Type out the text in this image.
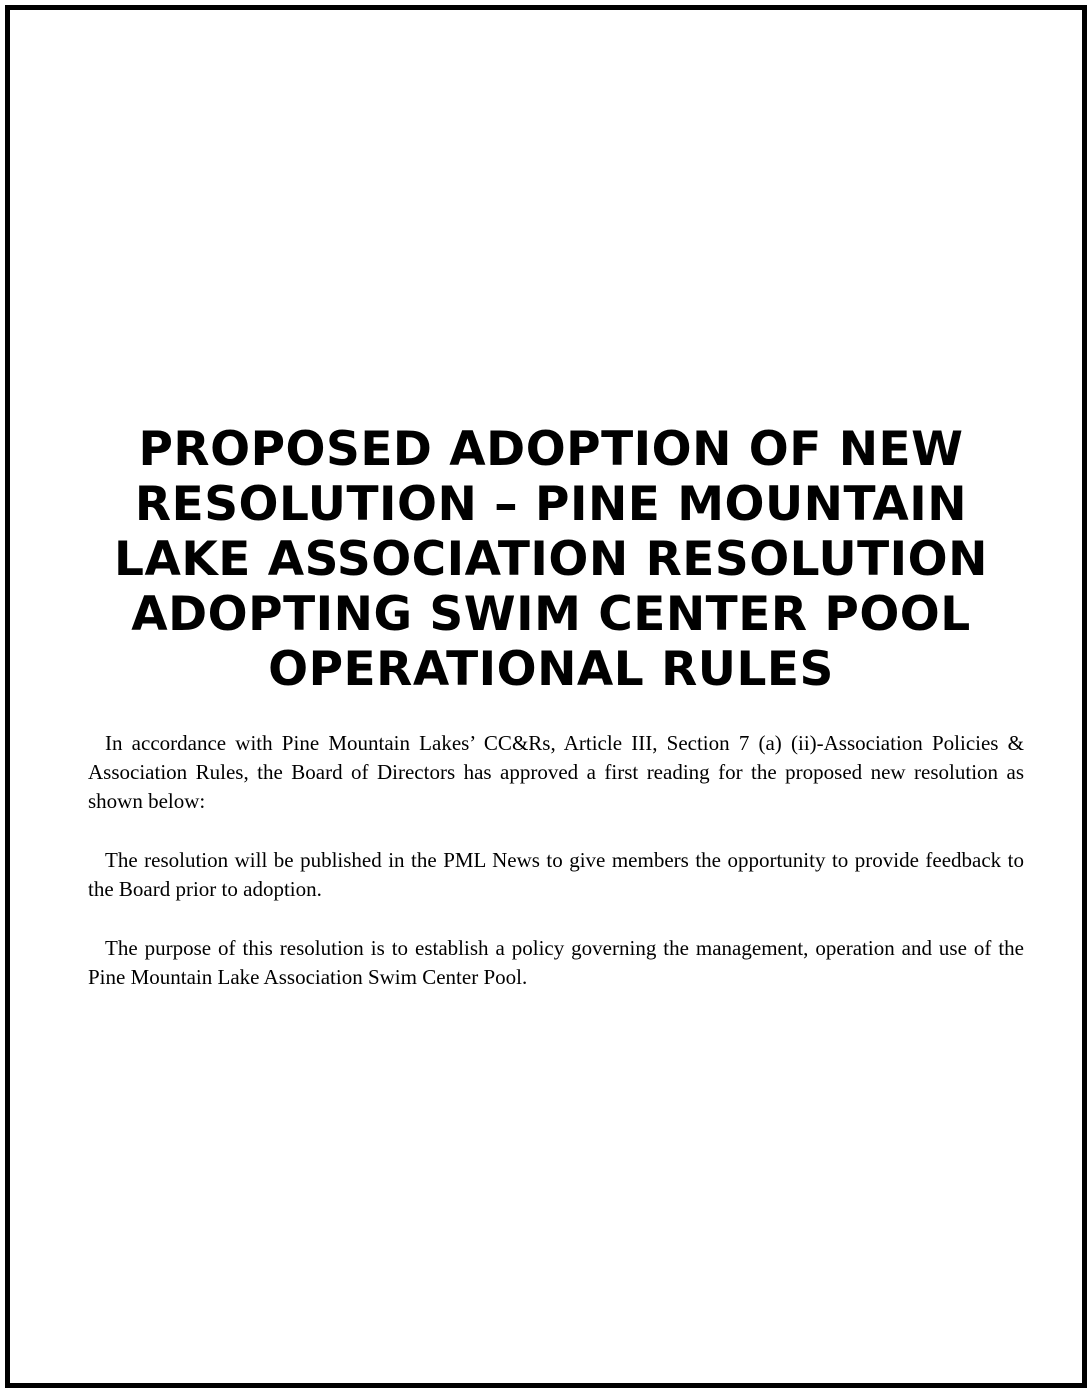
PROPOSED ADOPTION OF NEW
RESOLUTION – PINE MOUNTAIN
LAKE ASSOCIATION RESOLUTION
ADOPTING SWIM CENTER POOL
OPERATIONAL RULES

In accordance with Pine Mountain Lakes’ CC&Rs, Article III, Section 7 (a) (ii)-Association Policies & Association Rules, the Board of Directors has approved a first reading for the proposed new resolution as shown below:

The resolution will be published in the PML News to give members the opportunity to provide feedback to the Board prior to adoption.

The purpose of this resolution is to establish a policy governing the management, operation and use of the Pine Mountain Lake Association Swim Center Pool.
